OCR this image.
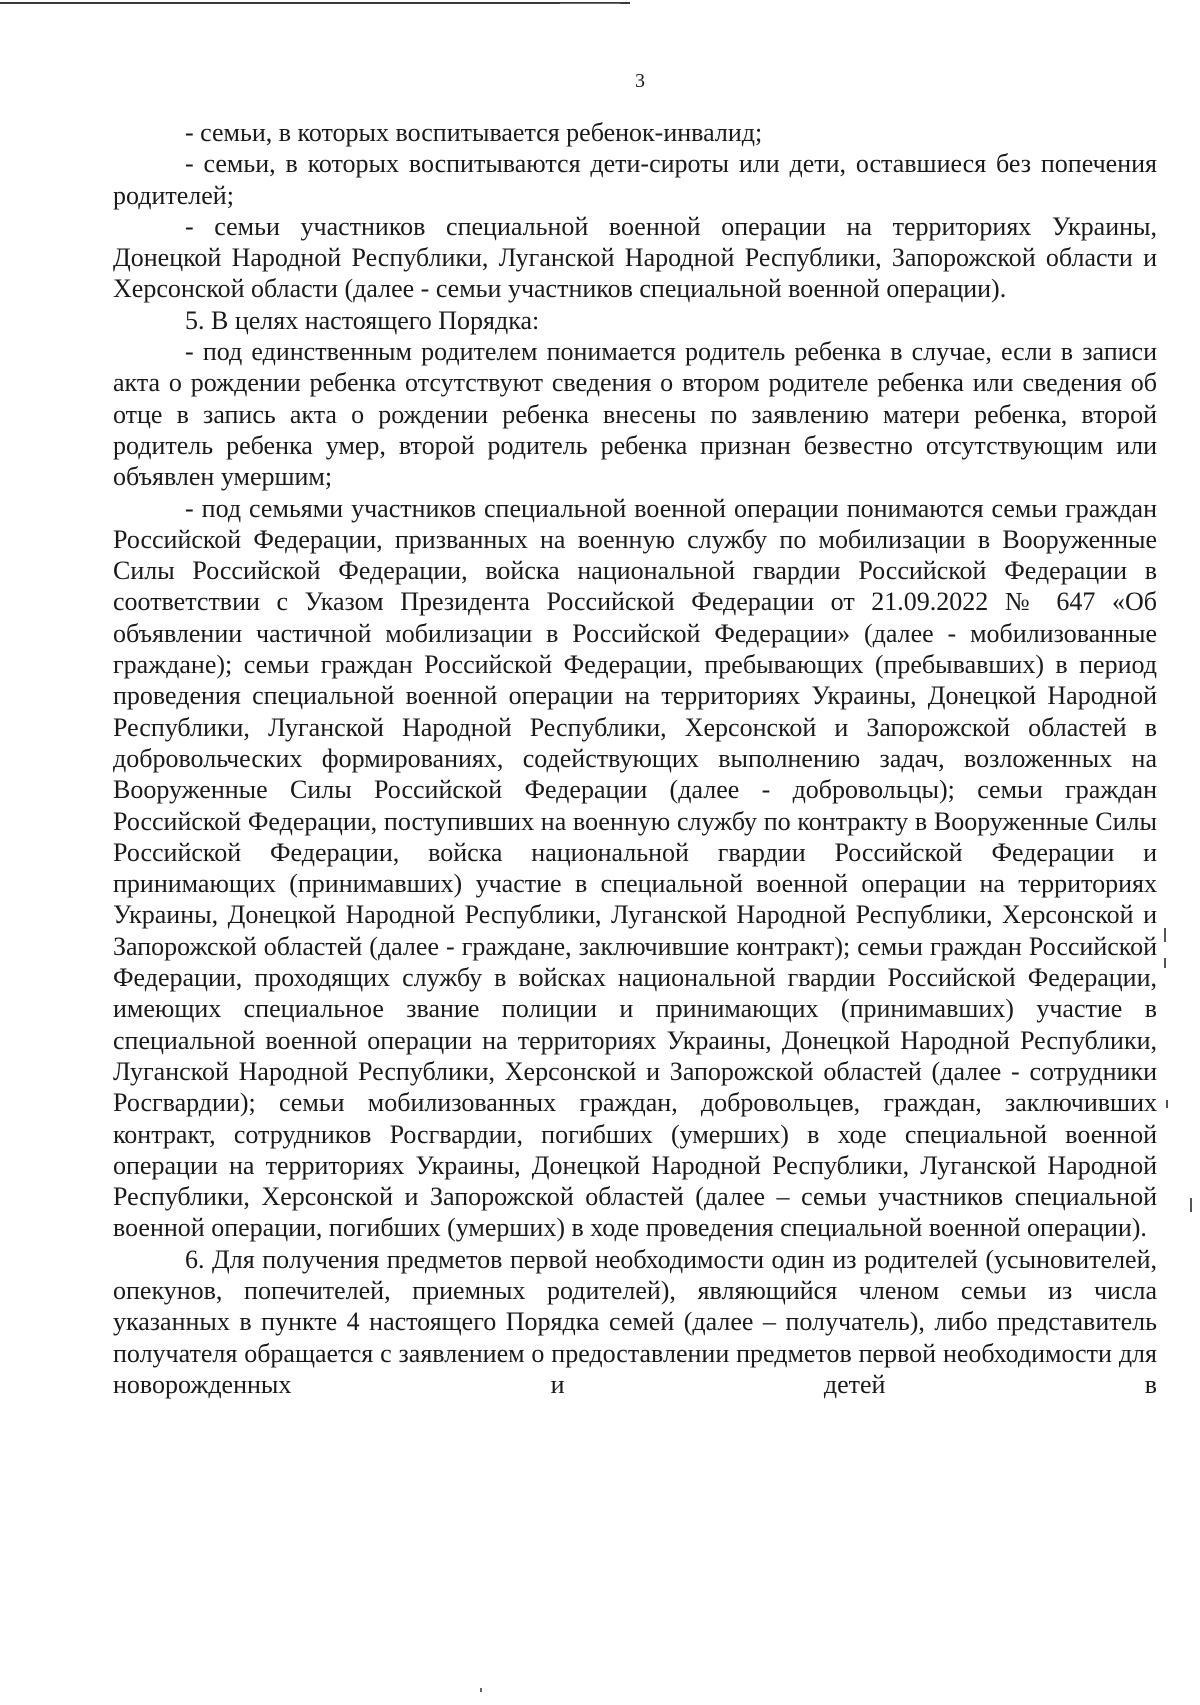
3

- семьи, в которых воспитывается ребенок-инвалид;

- семьи, в которых воспитываются дети-сироты или дети, оставшиеся без попечения родителей;

- семьи участников специальной военной операции на территориях Украины, Донецкой Народной Республики, Луганской Народной Республики, Запорожской области и Херсонской области (далее - семьи участников специальной военной операции).

5. В целях настоящего Порядка:

- под единственным родителем понимается родитель ребенка в случае, если в записи акта о рождении ребенка отсутствуют сведения о втором родителе ребенка или сведения об отце в запись акта о рождении ребенка внесены по заявлению матери ребенка, второй родитель ребенка умер, второй родитель ребенка признан безвестно отсутствующим или объявлен умершим;

- под семьями участников специальной военной операции понимаются семьи граждан Российской Федерации, призванных на военную службу по мобилизации в Вооруженные Силы Российской Федерации, войска национальной гвардии Российской Федерации в соответствии с Указом Президента Российской Федерации от 21.09.2022 № 647 «Об объявлении частичной мобилизации в Российской Федерации» (далее - мобилизованные граждане); семьи граждан Российской Федерации, пребывающих (пребывавших) в период проведения специальной военной операции на территориях Украины, Донецкой Народной Республики, Луганской Народной Республики, Херсонской и Запорожской областей в добровольческих формированиях, содействующих выполнению задач, возложенных на Вооруженные Силы Российской Федерации (далее - добровольцы); семьи граждан Российской Федерации, поступивших на военную службу по контракту в Вооруженные Силы Российской Федерации, войска национальной гвардии Российской Федерации и принимающих (принимавших) участие в специальной военной операции на территориях Украины, Донецкой Народной Республики, Луганской Народной Республики, Херсонской и Запорожской областей (далее - граждане, заключившие контракт); семьи граждан Российской Федерации, проходящих службу в войсках национальной гвардии Российской Федерации, имеющих специальное звание полиции и принимающих (принимавших) участие в специальной военной операции на территориях Украины, Донецкой Народной Республики, Луганской Народной Республики, Херсонской и Запорожской областей (далее - сотрудники Росгвардии); семьи мобилизованных граждан, добровольцев, граждан, заключивших контракт, сотрудников Росгвардии, погибших (умерших) в ходе специальной военной операции на территориях Украины, Донецкой Народной Республики, Луганской Народной Республики, Херсонской и Запорожской областей (далее – семьи участников специальной военной операции, погибших (умерших) в ходе проведения специальной военной операции).

6. Для получения предметов первой необходимости один из родителей (усыновителей, опекунов, попечителей, приемных родителей), являющийся членом семьи из числа указанных в пункте 4 настоящего Порядка семей (далее – получатель), либо представитель получателя обращается с заявлением о предоставлении предметов первой необходимости для новорожденных и детей в
